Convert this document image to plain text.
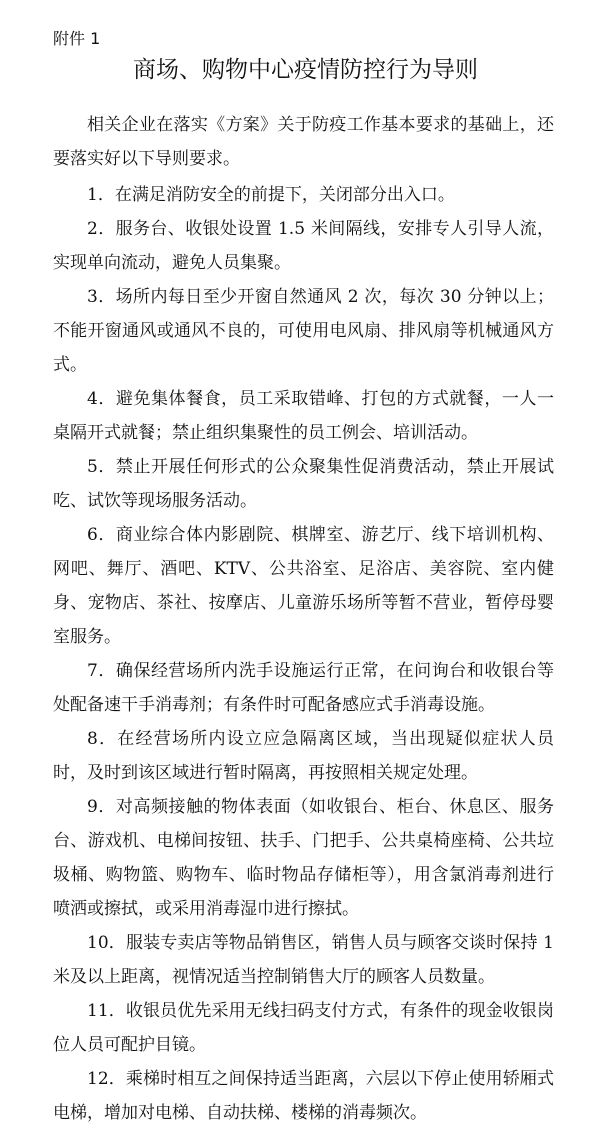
附件 1
商场、购物中心疫情防控行为导则

相关企业在落实《方案》关于防疫工作基本要求的基础上，还要落实好以下导则要求。

1．在满足消防安全的前提下，关闭部分出入口。

2．服务台、收银处设置 1.5 米间隔线，安排专人引导人流，实现单向流动，避免人员集聚。

3．场所内每日至少开窗自然通风 2 次，每次 30 分钟以上；不能开窗通风或通风不良的，可使用电风扇、排风扇等机械通风方式。

4．避免集体餐食，员工采取错峰、打包的方式就餐，一人一桌隔开式就餐；禁止组织集聚性的员工例会、培训活动。

5．禁止开展任何形式的公众聚集性促消费活动，禁止开展试吃、试饮等现场服务活动。

6．商业综合体内影剧院、棋牌室、游艺厅、线下培训机构、网吧、舞厅、酒吧、KTV、公共浴室、足浴店、美容院、室内健身、宠物店、茶社、按摩店、儿童游乐场所等暂不营业，暂停母婴室服务。

7．确保经营场所内洗手设施运行正常，在问询台和收银台等处配备速干手消毒剂；有条件时可配备感应式手消毒设施。

8．在经营场所内设立应急隔离区域，当出现疑似症状人员时，及时到该区域进行暂时隔离，再按照相关规定处理。

9．对高频接触的物体表面（如收银台、柜台、休息区、服务台、游戏机、电梯间按钮、扶手、门把手、公共桌椅座椅、公共垃圾桶、购物篮、购物车、临时物品存储柜等），用含氯消毒剂进行喷洒或擦拭，或采用消毒湿巾进行擦拭。

10．服装专卖店等物品销售区，销售人员与顾客交谈时保持 1 米及以上距离，视情况适当控制销售大厅的顾客人员数量。

11．收银员优先采用无线扫码支付方式，有条件的现金收银岗位人员可配护目镜。

12．乘梯时相互之间保持适当距离，六层以下停止使用轿厢式电梯，增加对电梯、自动扶梯、楼梯的消毒频次。
